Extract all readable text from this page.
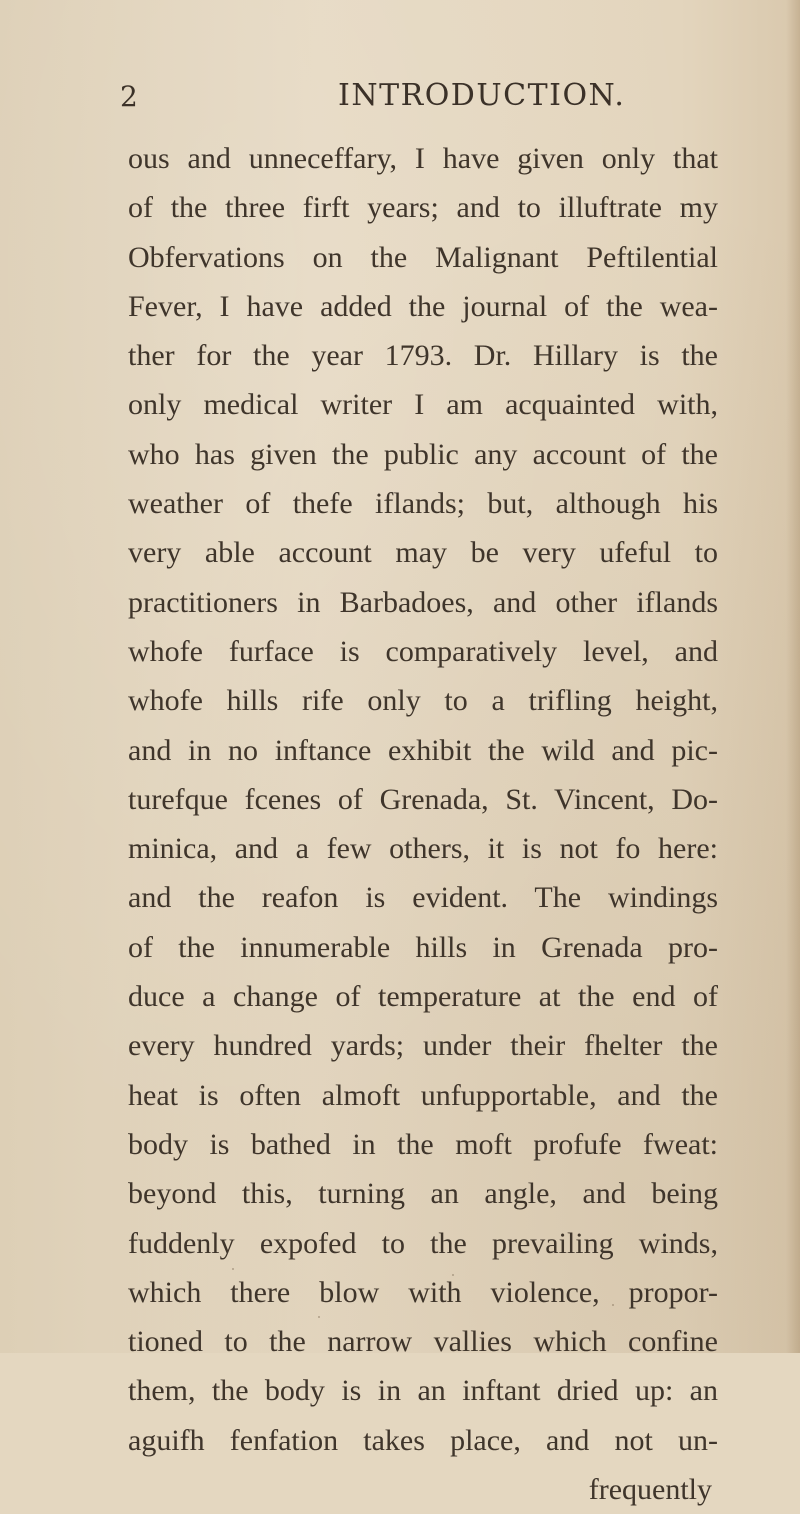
2	INTRODUCTION.
ous and unneceffary, I have given only that
of the three firft years; and to illuftrate my
Obfervations on the Malignant Peftilential
Fever, I have added the journal of the wea-
ther for the year 1793. Dr. Hillary is the
only medical writer I am acquainted with,
who has given the public any account of the
weather of thefe iflands; but, although his
very able account may be very ufeful to
practitioners in Barbadoes, and other iflands
whofe furface is comparatively level, and
whofe hills rife only to a trifling height,
and in no inftance exhibit the wild and pic-
turefque fcenes of Grenada, St. Vincent, Do-
minica, and a few others, it is not fo here:
and the reafon is evident. The windings
of the innumerable hills in Grenada pro-
duce a change of temperature at the end of
every hundred yards; under their fhelter the
heat is often almoft unfupportable, and the
body is bathed in the moft profufe fweat:
beyond this, turning an angle, and being
fuddenly expofed to the prevailing winds,
which there blow with violence, propor-
tioned to the narrow vallies which confine
them, the body is in an inftant dried up: an
aguifh fenfation takes place, and not un-
frequently
